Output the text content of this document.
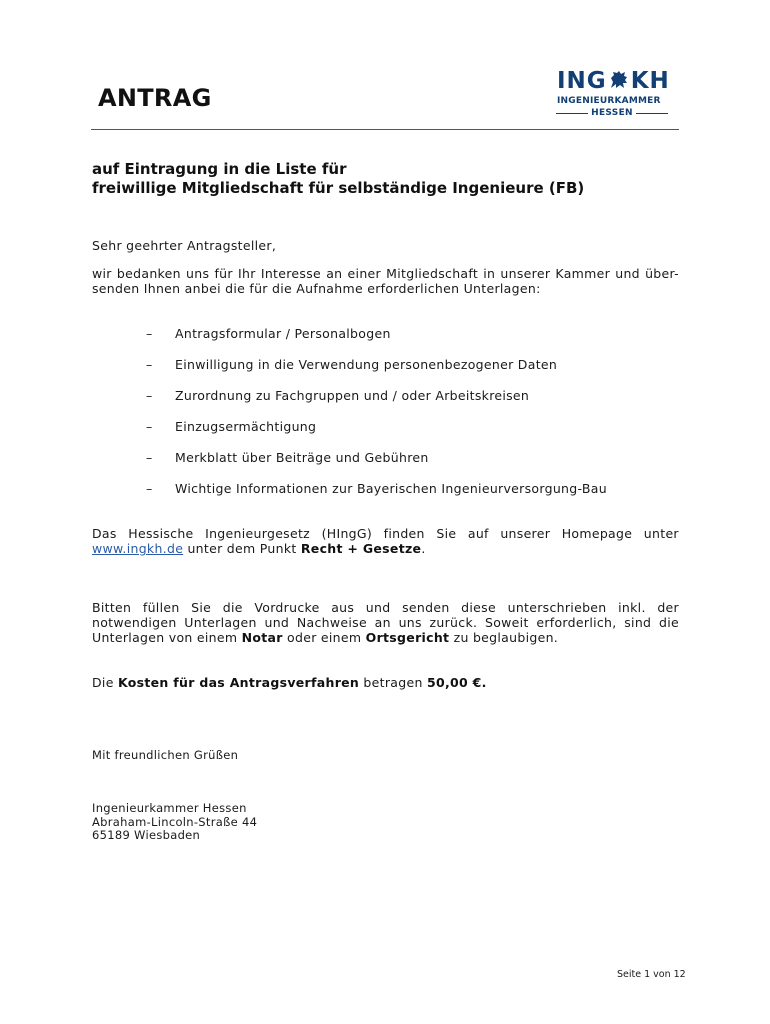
ANTRAG
ING KH
INGENIEURKAMMER
HESSEN
auf Eintragung in die Liste für
freiwillige Mitgliedschaft für selbständige Ingenieure (FB)
Sehr geehrter Antragsteller,
wir bedanken uns für Ihr Interesse an einer Mitgliedschaft in unserer Kammer und über-senden Ihnen anbei die für die Aufnahme erforderlichen Unterlagen:
–	Antragsformular / Personalbogen
–	Einwilligung in die Verwendung personenbezogener Daten
–	Zurordnung zu Fachgruppen und / oder Arbeitskreisen
–	Einzugsermächtigung
–	Merkblatt über Beiträge und Gebühren
–	Wichtige Informationen zur Bayerischen Ingenieurversorgung-Bau
Das Hessische Ingenieurgesetz (HIngG) finden Sie auf unserer Homepage unter
www.ingkh.de unter dem Punkt Recht + Gesetze.
Bitten füllen Sie die Vordrucke aus und senden diese unterschrieben inkl. der notwendigen Unterlagen und Nachweise an uns zurück. Soweit erforderlich, sind die Unterlagen von einem Notar oder einem Ortsgericht zu beglaubigen.
Die Kosten für das Antragsverfahren betragen 50,00 €.
Mit freundlichen Grüßen
Ingenieurkammer Hessen
Abraham-Lincoln-Straße 44
65189 Wiesbaden
Seite 1 von 12
